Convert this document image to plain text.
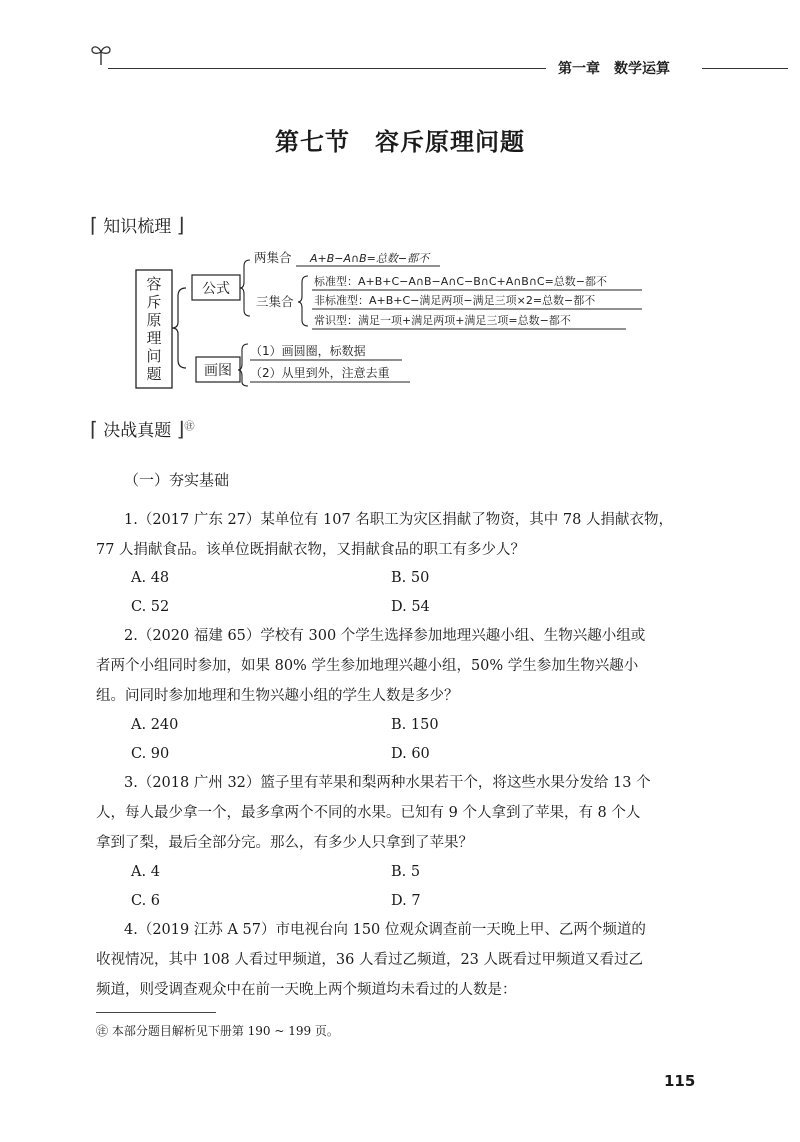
第一章　数学运算
第七节　容斥原理问题
⌈ 知识梳理 ⌋
容
斥
原
理
问
题
公式
两集合 A+B−A∩B=总数−都不
三集合
标准型：A+B+C−A∩B−A∩C−B∩C+A∩B∩C=总数−都不
非标准型：A+B+C−满足两项−满足三项×2=总数−都不
常识型：满足一项+满足两项+满足三项=总数−都不
画图
（1）画圆圈，标数据
（2）从里到外，注意去重
⌈ 决战真题 ⌋㊟
（一）夯实基础
1.（2017 广东 27）某单位有 107 名职工为灾区捐献了物资，其中 78 人捐献衣物，
77 人捐献食品。该单位既捐献衣物，又捐献食品的职工有多少人？
A. 48	B. 50
C. 52	D. 54
2.（2020 福建 65）学校有 300 个学生选择参加地理兴趣小组、生物兴趣小组或
者两个小组同时参加，如果 80% 学生参加地理兴趣小组，50% 学生参加生物兴趣小
组。问同时参加地理和生物兴趣小组的学生人数是多少？
A. 240	B. 150
C. 90	D. 60
3.（2018 广州 32）篮子里有苹果和梨两种水果若干个，将这些水果分发给 13 个
人，每人最少拿一个，最多拿两个不同的水果。已知有 9 个人拿到了苹果，有 8 个人
拿到了梨，最后全部分完。那么，有多少人只拿到了苹果？
A. 4	B. 5
C. 6	D. 7
4.（2019 江苏 A 57）市电视台向 150 位观众调查前一天晚上甲、乙两个频道的
收视情况，其中 108 人看过甲频道，36 人看过乙频道，23 人既看过甲频道又看过乙
频道，则受调查观众中在前一天晚上两个频道均未看过的人数是：
㊟ 本部分题目解析见下册第 190 ~ 199 页。
115
